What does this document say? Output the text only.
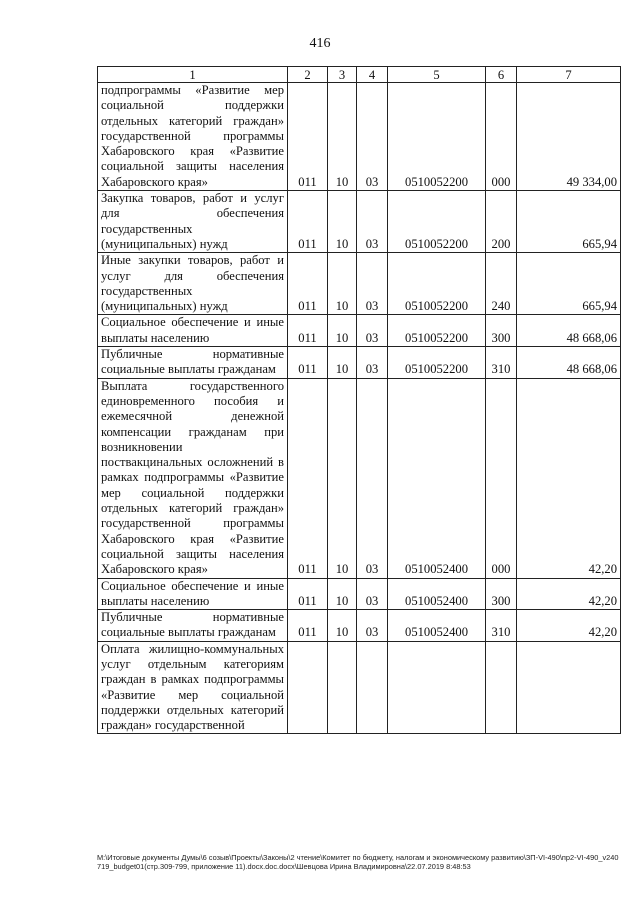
416
1	2	3	4	5	6	7
подпрограммы «Развитие мер социальной поддержки отдельных категорий граждан» государственной программы Хабаровского края «Развитие социальной защиты населения Хабаровского края»	011	10	03	0510052200	000	49 334,00
Закупка товаров, работ и услуг для обеспечения государственных (муниципальных) нужд	011	10	03	0510052200	200	665,94
Иные закупки товаров, работ и услуг для обеспечения государственных (муниципальных) нужд	011	10	03	0510052200	240	665,94
Социальное обеспечение и иные выплаты населению	011	10	03	0510052200	300	48 668,06
Публичные нормативные социальные выплаты гражданам	011	10	03	0510052200	310	48 668,06
Выплата государственного единовременного пособия и ежемесячной денежной компенсации гражданам при возникновении поствакцинальных осложнений в рамках подпрограммы «Развитие мер социальной поддержки отдельных категорий граждан» государственной программы Хабаровского края «Развитие социальной защиты населения Хабаровского края»	011	10	03	0510052400	000	42,20
Социальное обеспечение и иные выплаты населению	011	10	03	0510052400	300	42,20
Публичные нормативные социальные выплаты гражданам	011	10	03	0510052400	310	42,20
Оплата жилищно-коммунальных услуг отдельным категориям граждан в рамках подпрограммы «Развитие мер социальной поддержки отдельных категорий граждан» государственной						
M:\Итоговые документы Думы\6 созыв\Проекты\Законы\2 чтение\Комитет по бюджету, налогам и экономическому развитию\ЗП-VI-490\пр2-VI-490_v240719_budget01(стр.309-799, приложение 11).docx.doc.docx\Шевцова Ирина Владимировна\22.07.2019 8:48:53
